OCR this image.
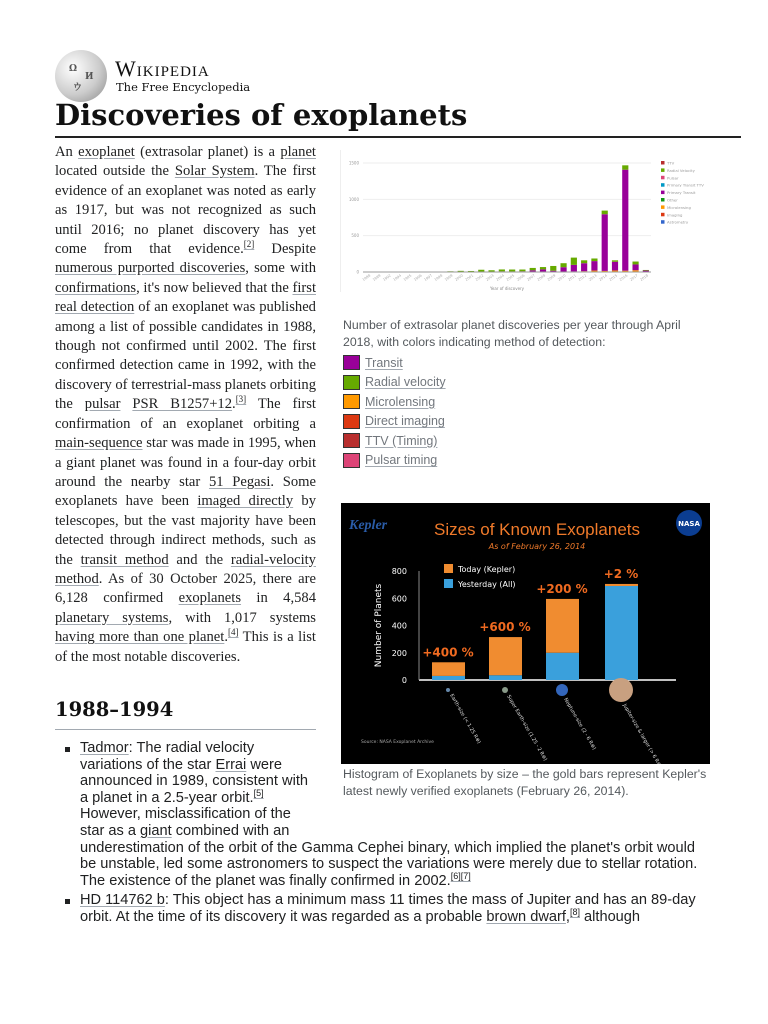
Ω
И
ウ
Wikipedia
The Free Encyclopedia
Discoveries of exoplanets
0
500
1000
1500
1988 1989 1992 1994 1995 1996 1997 1998 1999 2000 2001 2002 2003 2004 2005 2006 2007 2008 2009 2010 2011 2012 2013 2014 2015 2016 2017 2018
Year of discovery
TTV
Radial Velocity
Pulsar
Primary Transit TTV
Primary Transit
Other
Microlensing
Imaging
Astrometry
Number of extrasolar planet discoveries per year through April 2018, with colors indicating method of detection:
Transit
Radial velocity
Microlensing
Direct imaging
TTV (Timing)
Pulsar timing
Kepler	NASA
Sizes of Known Exoplanets
As of February 26, 2014
0
200
400
600
800
Number of Planets
Today (Kepler)
Yesterday (All)
+400 %
Earth-size (< 1.25 R⊕)
+600 %
Super Earth-size (1.25 - 2 R⊕)
+200 %
Neptune-size (2 - 6 R⊕)
+2 %
Jupiter-size & larger (> 6 R⊕)
Source: NASA Exoplanet Archive
Histogram of Exoplanets by size – the gold bars represent Kepler's latest newly verified exoplanets (February 26, 2014).

An exoplanet (extrasolar planet) is a planet located outside the Solar System. The first evidence of an exoplanet was noted as early as 1917, but was not recognized as such until 2016; no planet discovery has yet come from that evidence.[2] Despite numerous purported discoveries, some with confirmations, it's now believed that the first real detection of an exoplanet was published among a list of possible candidates in 1988, though not confirmed until 2002. The first confirmed detection came in 1992, with the discovery of terrestrial-mass planets orbiting the pulsar PSR B1257+12.[3] The first confirmation of an exoplanet orbiting a main-sequence star was made in 1995, when a giant planet was found in a four-day orbit around the nearby star 51 Pegasi. Some exoplanets have been imaged directly by telescopes, but the vast majority have been detected through indirect methods, such as the transit method and the radial-velocity method. As of 30 October 2025, there are 6,128 confirmed exoplanets in 4,584 planetary systems, with 1,017 systems having more than one planet.[4] This is a list of the most notable discoveries.

1988–1994
Tadmor: The radial velocity variations of the star Errai were announced in 1989, consistent with a planet in a 2.5-year orbit.[5] However, misclassification of the star as a giant combined with an underestimation of the orbit of the Gamma Cephei binary, which implied the planet's orbit would be unstable, led some astronomers to suspect the variations were merely due to stellar rotation. The existence of the planet was finally confirmed in 2002.[6][7]
HD 114762 b: This object has a minimum mass 11 times the mass of Jupiter and has an 89-day orbit. At the time of its discovery it was regarded as a probable brown dwarf,[8] although
